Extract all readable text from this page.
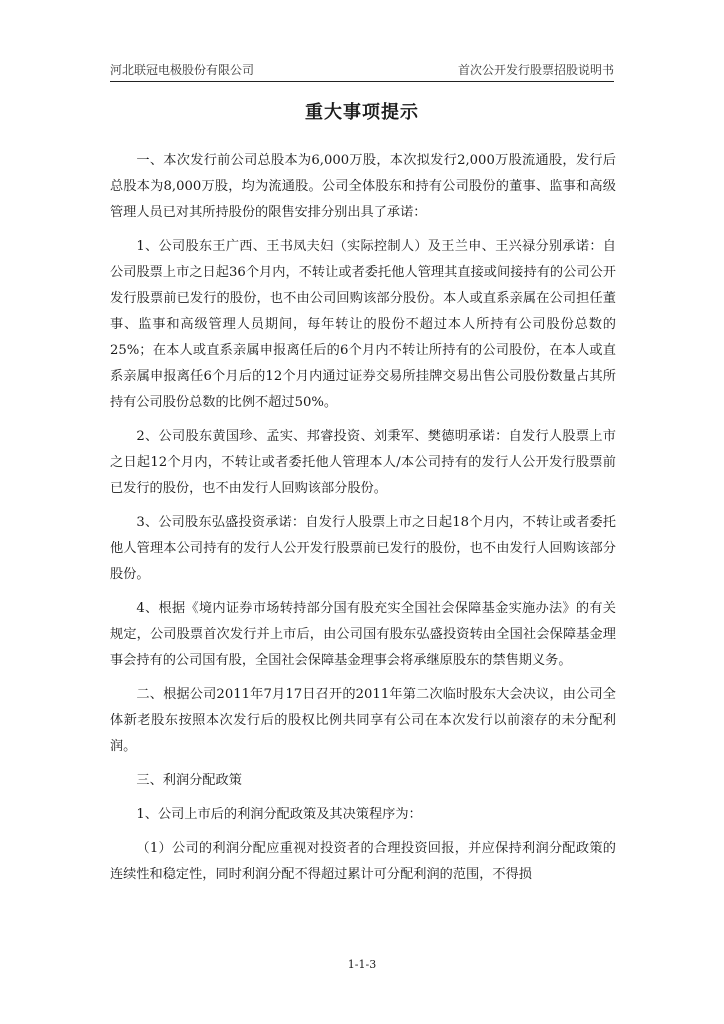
河北联冠电极股份有限公司	首次公开发行股票招股说明书
重大事项提示

一、本次发行前公司总股本为6,000万股，本次拟发行2,000万股流通股，发行后总股本为8,000万股，均为流通股。公司全体股东和持有公司股份的董事、监事和高级管理人员已对其所持股份的限售安排分别出具了承诺：

1、公司股东王广西、王书凤夫妇（实际控制人）及王兰申、王兴禄分别承诺：自公司股票上市之日起36个月内，不转让或者委托他人管理其直接或间接持有的公司公开发行股票前已发行的股份，也不由公司回购该部分股份。本人或直系亲属在公司担任董事、监事和高级管理人员期间，每年转让的股份不超过本人所持有公司股份总数的25%；在本人或直系亲属申报离任后的6个月内不转让所持有的公司股份，在本人或直系亲属申报离任6个月后的12个月内通过证券交易所挂牌交易出售公司股份数量占其所持有公司股份总数的比例不超过50%。

2、公司股东黄国珍、孟实、邦睿投资、刘秉军、樊德明承诺：自发行人股票上市之日起12个月内，不转让或者委托他人管理本人/本公司持有的发行人公开发行股票前已发行的股份，也不由发行人回购该部分股份。

3、公司股东弘盛投资承诺：自发行人股票上市之日起18个月内，不转让或者委托他人管理本公司持有的发行人公开发行股票前已发行的股份，也不由发行人回购该部分股份。

4、根据《境内证券市场转持部分国有股充实全国社会保障基金实施办法》的有关规定，公司股票首次发行并上市后，由公司国有股东弘盛投资转由全国社会保障基金理事会持有的公司国有股，全国社会保障基金理事会将承继原股东的禁售期义务。

二、根据公司2011年7月17日召开的2011年第二次临时股东大会决议，由公司全体新老股东按照本次发行后的股权比例共同享有公司在本次发行以前滚存的未分配利润。

三、利润分配政策

1、公司上市后的利润分配政策及其决策程序为：

（1）公司的利润分配应重视对投资者的合理投资回报，并应保持利润分配政策的连续性和稳定性，同时利润分配不得超过累计可分配利润的范围，不得损

1-1-3
